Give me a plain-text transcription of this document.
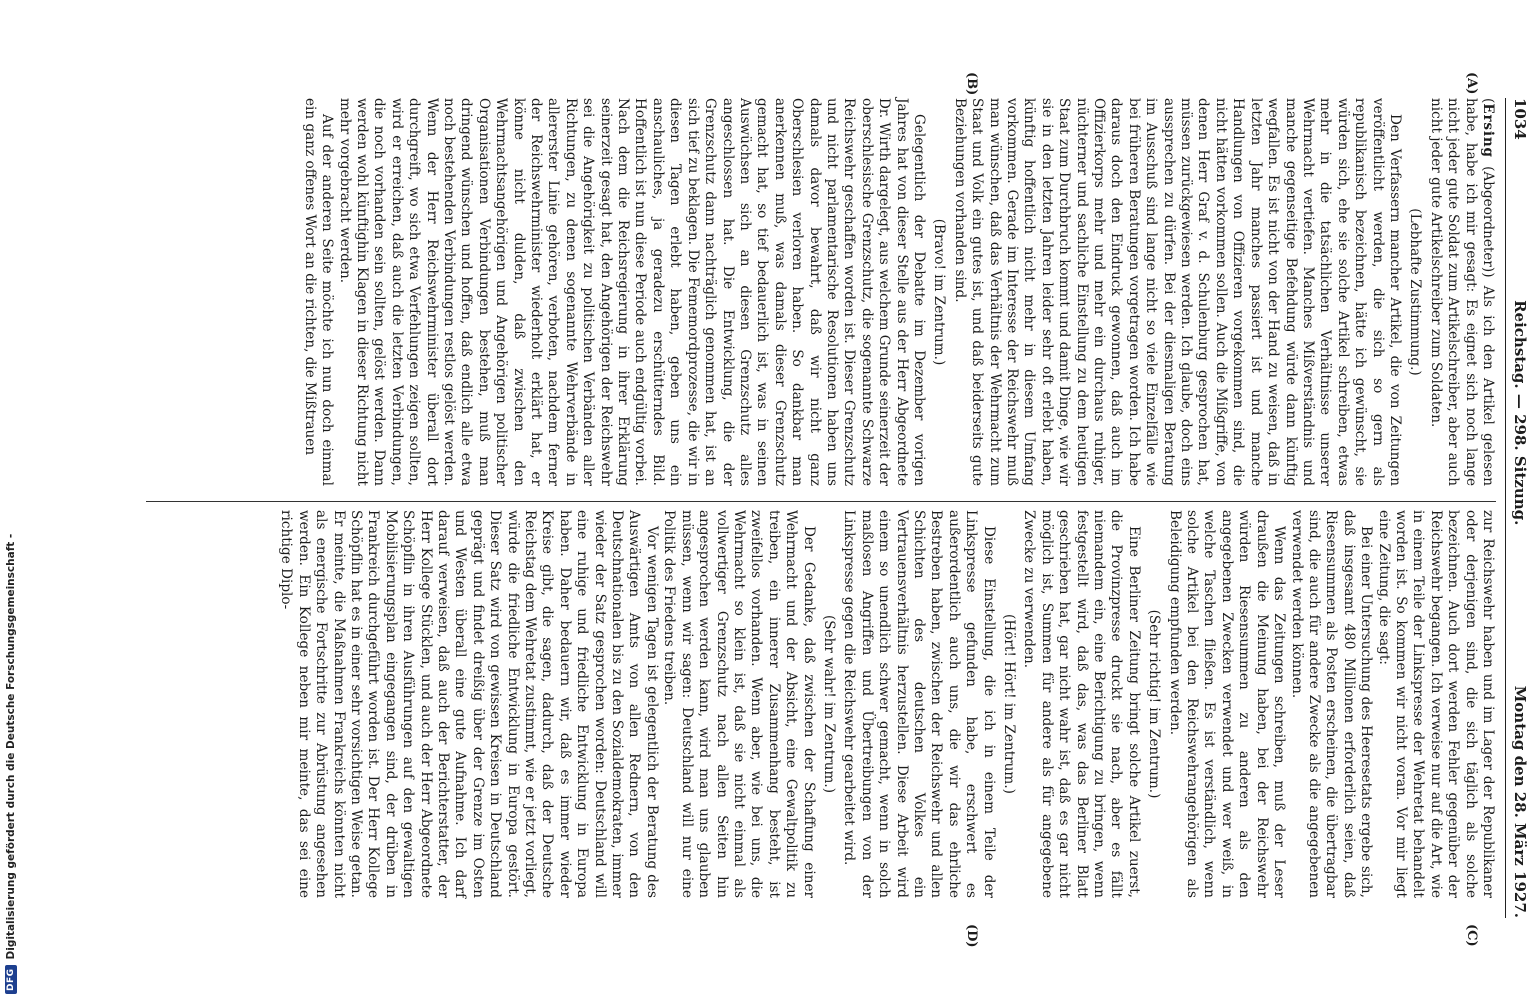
DFG
Digitalisierung gefördert durch die Deutsche Forschungsgemeinschaft -
1034
Reichstag. — 298. Sitzung.
Montag den 28. März 1927.
(A)
(B)
(C)
(D)

(Ersing (Abgeordneter)) Als ich den Artikel gelesen habe, habe ich mir gesagt: Es eignet sich noch lange nicht jeder gute Soldat zum Artikelschreiber, aber auch nicht jeder gute Artikelschreiber zum Soldaten.

(Lebhafte Zustimmung.)

Den Verfassern mancher Artikel, die von Zeitungen veröffentlicht werden, die sich so gern als republikanisch bezeichnen, hätte ich gewünscht, sie würden sich, ehe sie solche Artikel schreiben, etwas mehr in die tatsächlichen Verhältnisse unserer Wehrmacht vertiefen. Manches Mißverständnis und manche gegenseitige Befehdung würde dann künftig wegfallen. Es ist nicht von der Hand zu weisen, daß in letzten Jahr manches passiert ist und manche Handlungen von Offizieren vorgekommen sind, die nicht hätten vorkommen sollen. Auch die Mißgriffe, von denen Herr Graf v. d. Schulenburg gesprochen hat, müssen zurückgewiesen werden. Ich glaube, doch eins aussprechen zu dürfen. Bei der diesmaligen Beratung im Ausschuß sind lange nicht so viele Einzelfälle wie bei früheren Beratungen vorgetragen worden. Ich habe daraus doch den Eindruck gewonnen, daß auch im Offizierkorps mehr und mehr ein durchaus ruhiger, nüchterner und sachliche Einstellung zu dem heutigen Staat zum Durchbruch kommt und damit Dinge, wie wir sie in den letzten Jahren leider sehr oft erlebt haben, künftig hoffentlich nicht mehr in diesem Umfang vorkommen. Gerade im Interesse der Reichswehr muß man wünschen, daß das Verhältnis der Wehrmacht zum Staat und Volk ein gutes ist, und daß beiderseits gute Beziehungen vorhanden sind.

(Bravo! im Zentrum.)

Gelegentlich der Debatte im Dezember vorigen Jahres hat von dieser Stelle aus der Herr Abgeordnete Dr. Wirth dargelegt, aus welchem Grunde seinerzeit der oberschlesische Grenzschutz, die sogenannte Schwarze Reichswehr geschaffen worden ist. Dieser Grenzschutz und nicht parlamentarische Resolutionen haben uns damals davor bewahrt, daß wir nicht ganz Oberschlesien verloren haben. So dankbar man anerkennen muß, was damals dieser Grenzschutz gemacht hat, so tief bedauerlich ist, was in seinen Auswüchsen sich an diesen Grenzschutz alles angeschlossen hat. Die Entwicklung, die der Grenzschutz dann nachträglich genommen hat, ist an sich tief zu beklagen. Die Fememordprozesse, die wir in diesen Tagen erlebt haben, geben uns ein anschauliches, ja geradezu erschütterndes Bild. Hoffentlich ist nun diese Periode auch endgültig vorbei. Nach dem die Reichsregierung in ihrer Erklärung seinerzeit gesagt hat, den Angehörigen der Reichswehr sei die Angehörigkeit zu politischen Verbänden aller Richtungen, zu denen sogenannte Wehrverbände in allererster Linie gehören, verboten, nachdem ferner der Reichswehrminister wiederholt erklärt hat, er könne nicht dulden, daß zwischen den Wehrmachtsangehörigen und Angehörigen politischer Organisationen Verbindungen bestehen, muß man dringend wünschen und hoffen, daß endlich alle etwa noch bestehenden Verbindungen restlos gelöst werden. Wenn der Herr Reichswehrminister überall dort durchgreift, wo sich etwa Verfehlungen zeigen sollten, wird er erreichen, daß auch die letzten Verbindungen, die noch vorhanden sein sollten, gelöst werden. Dann werden wohl künftighin Klagen in dieser Richtung nicht mehr vorgebracht werden.

Auf der anderen Seite möchte ich nun doch einmal ein ganz offenes Wort an die richten, die Mißtrauen

zur Reichswehr haben und im Lager der Republikaner oder derjenigen sind, die sich täglich als solche bezeichnen. Auch dort werden Fehler gegenüber der Reichswehr begangen. Ich verweise nur auf die Art, wie in einem Teile der Linkspresse der Wehretat behandelt worden ist. So kommen wir nicht voran. Vor mir liegt eine Zeitung, die sagt:

Bei einer Untersuchung des Heeresetats ergebe sich, daß insgesamt 480 Millionen erforderlich seien, daß Riesensummen als Posten erscheinen, die übertragbar sind, die auch für andere Zwecke als die angegebenen verwendet werden können.

Wenn das Zeitungen schreiben, muß der Leser draußen die Meinung haben, bei der Reichswehr würden Riesensummen zu anderen als den angegebenen Zwecken verwendet und wer weiß, in welche Taschen fließen. Es ist verständlich, wenn solche Artikel bei den Reichswehrangehörigen als Beleidigung empfunden werden.

(Sehr richtig! im Zentrum.)

Eine Berliner Zeitung bringt solche Artikel zuerst, die Provinzpresse druckt sie nach, aber es fällt niemandem ein, eine Berichtigung zu bringen, wenn festgestellt wird, daß das, was das Berliner Blatt geschrieben hat, gar nicht wahr ist, daß es gar nicht möglich ist, Summen für andere als für angegebene Zwecke zu verwenden.

(Hört! Hört! im Zentrum.)

Diese Einstellung, die ich in einem Teile der Linkspresse gefunden habe, erschwert es außerordentlich auch uns, die wir das ehrliche Bestreben haben, zwischen der Reichswehr und allen Schichten des deutschen Volkes ein Vertrauensverhältnis herzustellen. Diese Arbeit wird einem so unendlich schwer gemacht, wenn in solch maßlosen Angriffen und Übertreibungen von der Linkspresse gegen die Reichswehr gearbeitet wird.

(Sehr wahr! im Zentrum.)

Der Gedanke, daß zwischen der Schaffung einer Wehrmacht und der Absicht, eine Gewaltpolitik zu treiben, ein innerer Zusammenhang besteht, ist zweifellos vorhanden. Wenn aber, wie bei uns, die Wehrmacht so klein ist, daß sie nicht einmal als vollwertiger Grenzschutz nach allen Seiten hin angesprochen werden kann, wird man uns glauben müssen, wenn wir sagen: Deutschland will nur eine Politik des Friedens treiben.

Vor wenigen Tagen ist gelegentlich der Beratung des Auswärtigen Amts von allen Rednern, von den Deutschnationalen bis zu den Sozialdemokraten, immer wieder der Satz gesprochen worden: Deutschland will eine ruhige und friedliche Entwicklung in Europa haben. Daher bedauern wir, daß es immer wieder Kreise gibt, die sagen, dadurch, daß der Deutsche Reichstag dem Wehretat zustimmt, wie er jetzt vorliegt, würde die friedliche Entwicklung in Europa gestört. Dieser Satz wird von gewissen Kreisen in Deutschland geprägt und findet dreißig über der Grenze im Osten und Westen überall eine gute Aufnahme. Ich darf darauf verweisen, daß auch der Berichterstatter, der Herr Kollege Stücklen, und auch der Herr Abgeordnete Schöpflin in ihren Ausführungen auf den gewaltigen Mobilisierungsplan eingegangen sind, der drüben in Frankreich durchgeführt worden ist. Der Herr Kollege Schöpflin hat es in einer sehr vorsichtigen Weise getan. Er meinte, die Maßnahmen Frankreichs könnten nicht als energische Fortschritte zur Abrüstung angesehen werden. Ein Kollege neben mir meinte, das sei eine richtige Diplo-
